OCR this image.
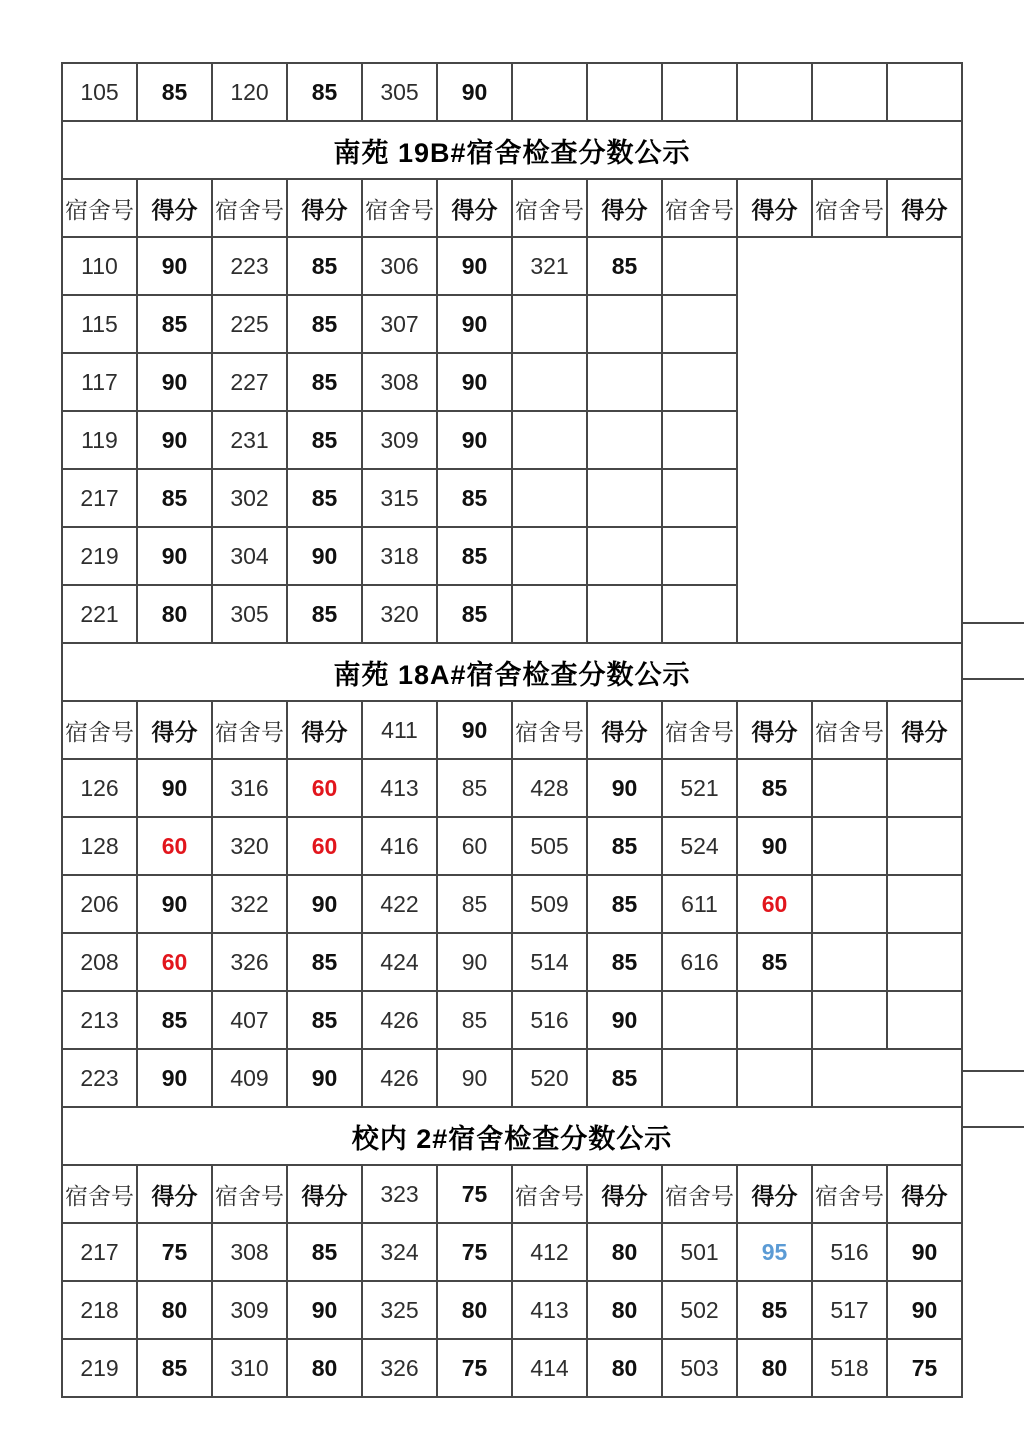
105	85	120	85	305	90						
南苑 19B#宿舍检查分数公示											
宿舍号	得分	宿舍号	得分	宿舍号	得分	宿舍号	得分	宿舍号	得分	宿舍号	得分
110	90	223	85	306	90	321	85				
115	85	225	85	307	90						
117	90	227	85	308	90						
119	90	231	85	309	90						
217	85	302	85	315	85						
219	90	304	90	318	85						
221	80	305	85	320	85						
南苑 18A#宿舍检查分数公示											
宿舍号	得分	宿舍号	得分	411	90	宿舍号	得分	宿舍号	得分	宿舍号	得分
126	90	316	60	413	85	428	90	521	85		
128	60	320	60	416	60	505	85	524	90		
206	90	322	90	422	85	509	85	611	60		
208	60	326	85	424	90	514	85	616	85		
213	85	407	85	426	85	516	90				
223	90	409	90	426	90	520	85				
校内 2#宿舍检查分数公示											
宿舍号	得分	宿舍号	得分	323	75	宿舍号	得分	宿舍号	得分	宿舍号	得分
217	75	308	85	324	75	412	80	501	95	516	90
218	80	309	90	325	80	413	80	502	85	517	90
219	85	310	80	326	75	414	80	503	80	518	75
